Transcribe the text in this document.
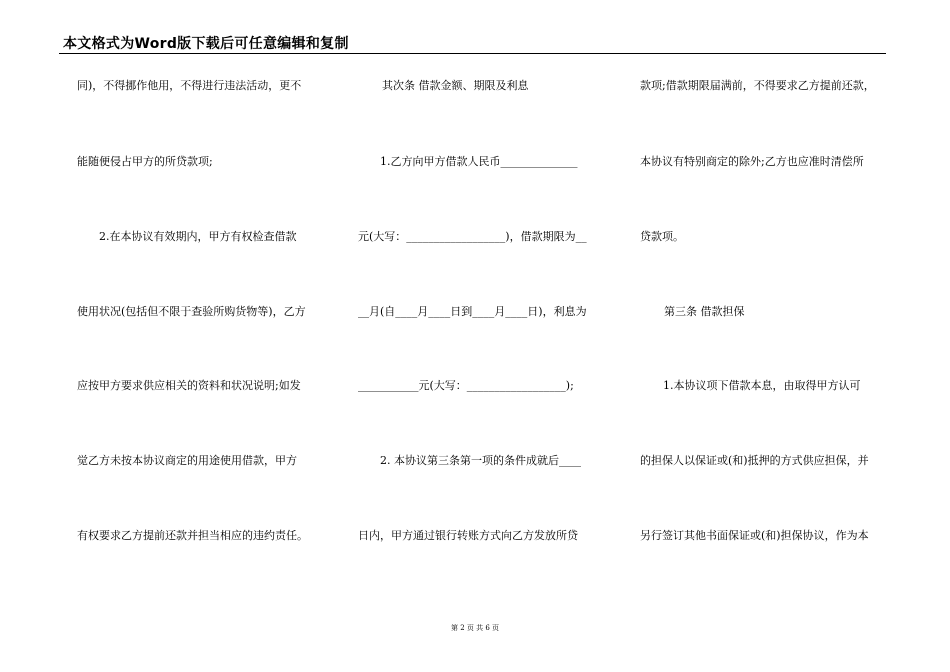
本文格式为Word版下载后可任意编辑和复制
同)，不得挪作他用，不得进行违法活动，更不
能随便侵占甲方的所贷款项;
2.在本协议有效期内，甲方有权检查借款
使用状况(包括但不限于查验所购货物等)，乙方
应按甲方要求供应相关的资料和状况说明;如发
觉乙方未按本协议商定的用途使用借款，甲方
有权要求乙方提前还款并担当相应的违约责任。
其次条 借款金额、期限及利息
1.乙方向甲方借款人民币______________
元(大写：__________________)，借款期限为__
__月(自____月____日到____月____日)，利息为
___________元(大写：__________________);
2. 本协议第三条第一项的条件成就后____
日内，甲方通过银行转账方式向乙方发放所贷
款项;借款期限届满前，不得要求乙方提前还款，
本协议有特别商定的除外;乙方也应准时清偿所
贷款项。
第三条 借款担保
1.本协议项下借款本息，由取得甲方认可
的担保人以保证或(和)抵押的方式供应担保，并
另行签订其他书面保证或(和)担保协议，作为本
第 2 页 共 6 页
